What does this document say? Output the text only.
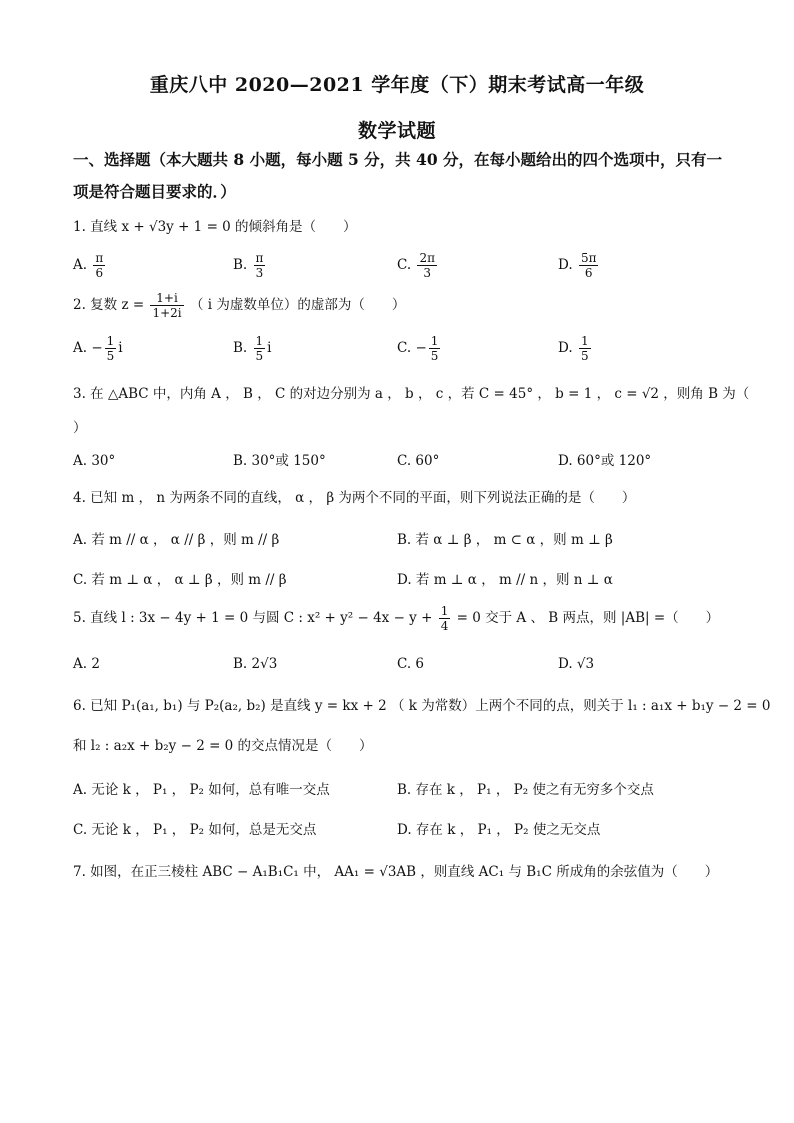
重庆八中 2020—2021 学年度（下）期末考试高一年级
数学试题
一、选择题（本大题共 8 小题，每小题 5 分，共 40 分，在每小题给出的四个选项中，只有一
项是符合题目要求的．）
1. 直线 x + √3y + 1 = 0 的倾斜角是（　　）
A. $\frac{\pi}{6}$	B. $\frac{\pi}{3}$	C. $\frac{2\pi}{3}$	D. $\frac{5\pi}{6}$
2. 复数 $z = \frac{1+i}{1+2i}$ （ i 为虚数单位）的虚部为（　　）
A. − $\frac{1}{5}$ i	B. $\frac{1}{5}$ i	C. − $\frac{1}{5}$	D. $\frac{1}{5}$
3. 在 △ABC 中，内角 A ， B ， C 的对边分别为 a ， b ， c ，若 C = 45° ， b = 1 ， c = √2 ，则角 B 为（
）
A. 30°	B. 30°或 150°	C. 60°	D. 60°或 120°
4. 已知 m ， n 为两条不同的直线， α ， β 为两个不同的平面，则下列说法正确的是（　　）
A. 若 m // α ， α // β ，则 m // β	B. 若 α ⊥ β ， m ⊂ α ，则 m ⊥ β
C. 若 m ⊥ α ， α ⊥ β ，则 m // β	D. 若 m ⊥ α ， m // n ，则 n ⊥ α
5. 直线 l : 3x − 4y + 1 = 0 与圆 C : $x^2 + y^2 - 4x - y + \frac{1}{4} = 0$ 交于 A 、 B 两点，则 |AB| =（　　）
A. 2	B. 2√3	C. 6	D. √3
6. 已知 P₁(a₁, b₁) 与 P₂(a₂, b₂) 是直线 y = kx + 2 （ k 为常数）上两个不同的点，则关于 l₁ : a₁x + b₁y − 2 = 0
和 l₂ : a₂x + b₂y − 2 = 0 的交点情况是（　　）
A. 无论 k ， P₁ ， P₂ 如何，总有唯一交点	B. 存在 k ， P₁ ， P₂ 使之有无穷多个交点
C. 无论 k ， P₁ ， P₂ 如何，总是无交点	D. 存在 k ， P₁ ， P₂ 使之无交点
7. 如图，在正三棱柱 ABC − A₁B₁C₁ 中， AA₁ = √3AB ，则直线 AC₁ 与 B₁C 所成角的余弦值为（　　）
